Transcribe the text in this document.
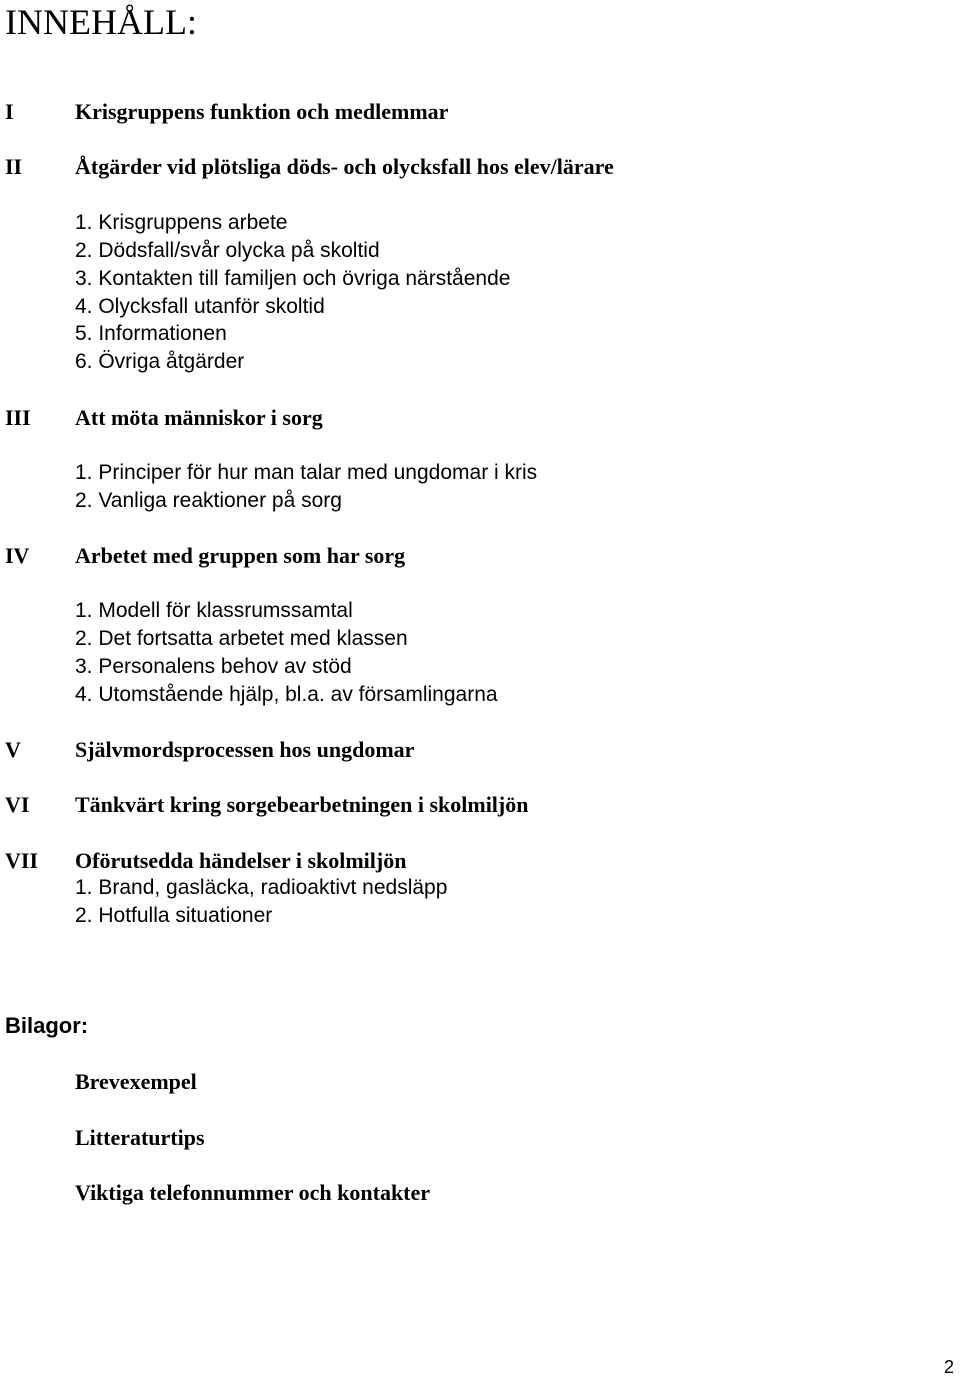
INNEHÅLL:
I	Krisgruppens funktion och medlemmar
II Åtgärder vid plötsliga döds- och olycksfall hos elev/lärare
1. Krisgruppens arbete
2. Dödsfall/svår olycka på skoltid
3. Kontakten till familjen och övriga närstående
4. Olycksfall utanför skoltid
5. Informationen
6. Övriga åtgärder
III Att möta människor i sorg
1. Principer för hur man talar med ungdomar i kris
2. Vanliga reaktioner på sorg
IV Arbetet med gruppen som har sorg
1. Modell för klassrumssamtal
2. Det fortsatta arbetet med klassen
3. Personalens behov av stöd
4. Utomstående hjälp, bl.a. av församlingarna
V Självmordsprocessen hos ungdomar
VI Tänkvärt kring sorgebearbetningen i skolmiljön
VII Oförutsedda händelser i skolmiljön
1. Brand, gasläcka, radioaktivt nedsläpp
2. Hotfulla situationer
Bilagor:
Brevexempel
Litteraturtips
Viktiga telefonnummer och kontakter
2
